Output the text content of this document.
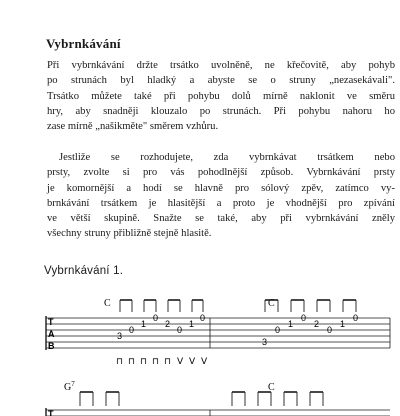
Vybrnkávání
Při vybrnkávání držte trsátko uvolněně, ne křečovitě, aby pohyb
po strunách byl hladký a abyste se o struny „nezasekávali".
Trsátko můžete také při pohybu dolů mírně naklonit ve směru
hry, aby snadněji klouzalo po strunách. Při pohybu nahoru ho
zase mírně „našikměte" směrem vzhůru.
Jestliže se rozhodujete, zda vybrnkávat trsátkem nebo
prsty, zvolte si pro vás pohodlnější způsob. Vybrnkávání prsty
je komornější a hodí se hlavně pro sólový zpěv, zatímco vy-
brnkávání trsátkem je hlasitější a proto je vhodnější pro zpívání
ve větší skupině. Snažte se také, aby při vybrnkávání zněly
všechny struny přibližně stejně hlasitě.
Vybrnkávání 1.
T
A
B
C	C
3
0
1
0
2
0
1
0
3
0
1
0
2
0
1
0
⊓ ⊓ ⊓ ⊓ ⊓ V V V
$G^7$	C
T
